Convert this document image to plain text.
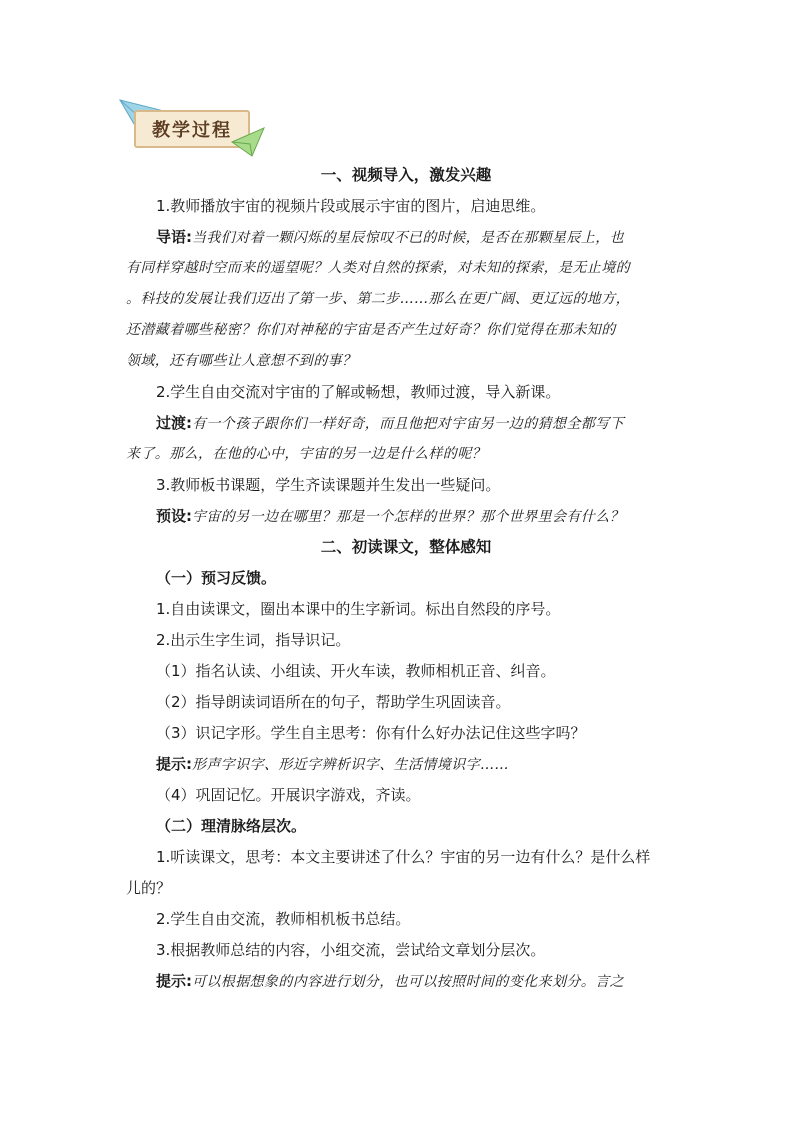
教学过程
一、视频导入，激发兴趣
1.教师播放宇宙的视频片段或展示宇宙的图片，启迪思维。
导语:当我们对着一颗闪烁的星辰惊叹不已的时候，是否在那颗星辰上，也
有同样穿越时空而来的遥望呢？人类对自然的探索，对未知的探索，是无止境的
。科技的发展让我们迈出了第一步、第二步……那么在更广阔、更辽远的地方，
还潜藏着哪些秘密？你们对神秘的宇宙是否产生过好奇？你们觉得在那未知的
领域，还有哪些让人意想不到的事？
2.学生自由交流对宇宙的了解或畅想，教师过渡，导入新课。
过渡:有一个孩子跟你们一样好奇，而且他把对宇宙另一边的猜想全都写下
来了。那么，在他的心中，宇宙的另一边是什么样的呢？
3.教师板书课题，学生齐读课题并生发出一些疑问。
预设:宇宙的另一边在哪里？那是一个怎样的世界？那个世界里会有什么？
二、初读课文，整体感知
（一）预习反馈。
1.自由读课文，圈出本课中的生字新词。标出自然段的序号。
2.出示生字生词，指导识记。
（1）指名认读、小组读、开火车读，教师相机正音、纠音。
（2）指导朗读词语所在的句子，帮助学生巩固读音。
（3）识记字形。学生自主思考：你有什么好办法记住这些字吗？
提示:形声字识字、形近字辨析识字、生活情境识字……
（4）巩固记忆。开展识字游戏，齐读。
（二）理清脉络层次。
1.听读课文，思考：本文主要讲述了什么？宇宙的另一边有什么？是什么样
儿的？
2.学生自由交流，教师相机板书总结。
3.根据教师总结的内容，小组交流，尝试给文章划分层次。
提示:可以根据想象的内容进行划分，也可以按照时间的变化来划分。言之
